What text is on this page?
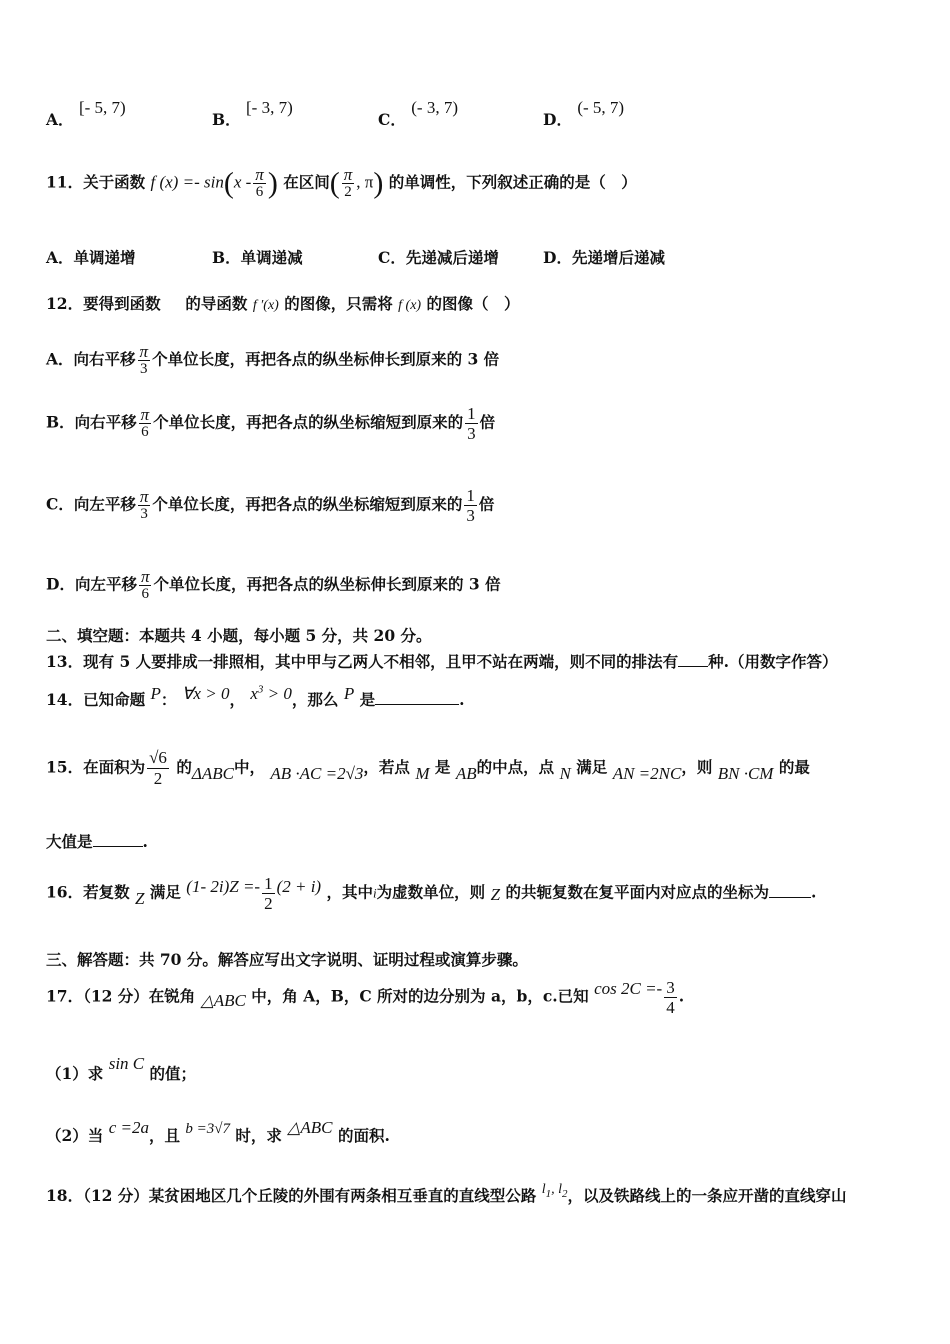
A． [- 5, 7)
B． [- 3, 7)
C． (- 3, 7)
D． (- 5, 7)
11．关于函数 f $(x) =- \sin(x - \frac{\pi}{6}$ ) 在区间( $\frac{\pi}{2}$ , π) 的单调性，下列叙述正确的是（　）
A．单调递增	B．单调递减	C．先递减后递增	D．先递增后递减
12．要得到函数 的导函数 f ′(x) 的图像，只需将 f (x) 的图像（　）
A．向右平移 $\frac{\pi}{3}$ 个单位长度，再把各点的纵坐标伸长到原来的 3 倍
B．向右平移 $\frac{\pi}{6}$ 个单位长度，再把各点的纵坐标缩短到原来的 $\frac{1}{3}$ 倍
C．向左平移 $\frac{\pi}{3}$ 个单位长度，再把各点的纵坐标缩短到原来的 $\frac{1}{3}$ 倍
D．向左平移 $\frac{\pi}{6}$ 个单位长度，再把各点的纵坐标伸长到原来的 3 倍
二、填空题：本题共 4 小题，每小题 5 分，共 20 分。
13．现有 5 人要排成一排照相，其中甲与乙两人不相邻，且甲不站在两端，则不同的排法有 种.（用数字作答）
14．已知命题 P： ∀x > 0， $x^3 > 0$，那么 P 是	.
15．在面积为 $\frac{√6}{2}$ 的ΔABC中， AB ·AC =2√3，若点 M 是 AB的中点，点 N 满足 AN =2NC，则 BN ·CM 的最
大值是	.
16．若复数 Z 满足 (1- $2i)Z =- \frac{1}{2} (2 + i)$ ，其中i为虚数单位，则 Z 的共轭复数在复平面内对应点的坐标为	.
三、解答题：共 70 分。解答应写出文字说明、证明过程或演算步骤。
17．（12 分）在锐角 △ABC 中，角 A，B，C 所对的边分别为 a，b，c.已知 $\cos 2C =- \frac{3}{4}$ .
（1）求 sin C 的值；
（2）当 c =2a，且 b =3√7 时，求 △ABC 的面积.
18．（12 分）某贫困地区几个丘陵的外围有两条相互垂直的直线型公路 $l_1$, $l_2$，以及铁路线上的一条应开凿的直线穿山
